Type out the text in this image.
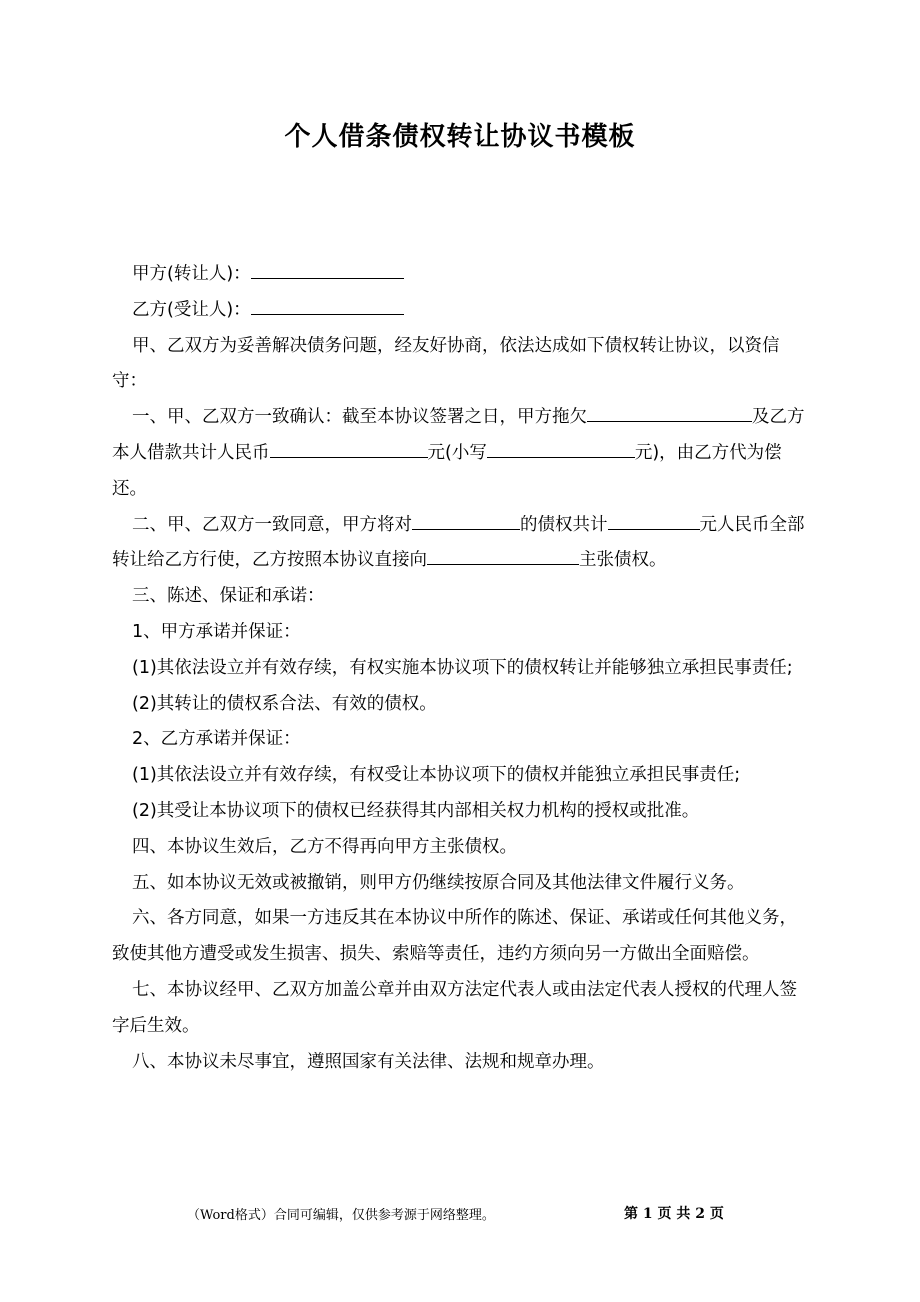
个人借条债权转让协议书模板

甲方(转让人)：

乙方(受让人)：

甲、乙双方为妥善解决债务问题，经友好协商，依法达成如下债权转让协议，以资信守：

一、甲、乙双方一致确认：截至本协议签署之日，甲方拖欠	及乙方本人借款共计人民币	元(小写	元)，由乙方代为偿还。

二、甲、乙双方一致同意，甲方将对	的债权共计	元人民币全部转让给乙方行使，乙方按照本协议直接向	主张债权。

三、陈述、保证和承诺：

1、甲方承诺并保证：

(1)其依法设立并有效存续，有权实施本协议项下的债权转让并能够独立承担民事责任;

(2)其转让的债权系合法、有效的债权。

2、乙方承诺并保证：

(1)其依法设立并有效存续，有权受让本协议项下的债权并能独立承担民事责任;

(2)其受让本协议项下的债权已经获得其内部相关权力机构的授权或批准。

四、本协议生效后，乙方不得再向甲方主张债权。

五、如本协议无效或被撤销，则甲方仍继续按原合同及其他法律文件履行义务。

六、各方同意，如果一方违反其在本协议中所作的陈述、保证、承诺或任何其他义务，致使其他方遭受或发生损害、损失、索赔等责任，违约方须向另一方做出全面赔偿。

七、本协议经甲、乙双方加盖公章并由双方法定代表人或由法定代表人授权的代理人签字后生效。

八、本协议未尽事宜，遵照国家有关法律、法规和规章办理。

（Word格式）合同可编辑，仅供参考源于网络整理。	第 1 页 共 2 页
